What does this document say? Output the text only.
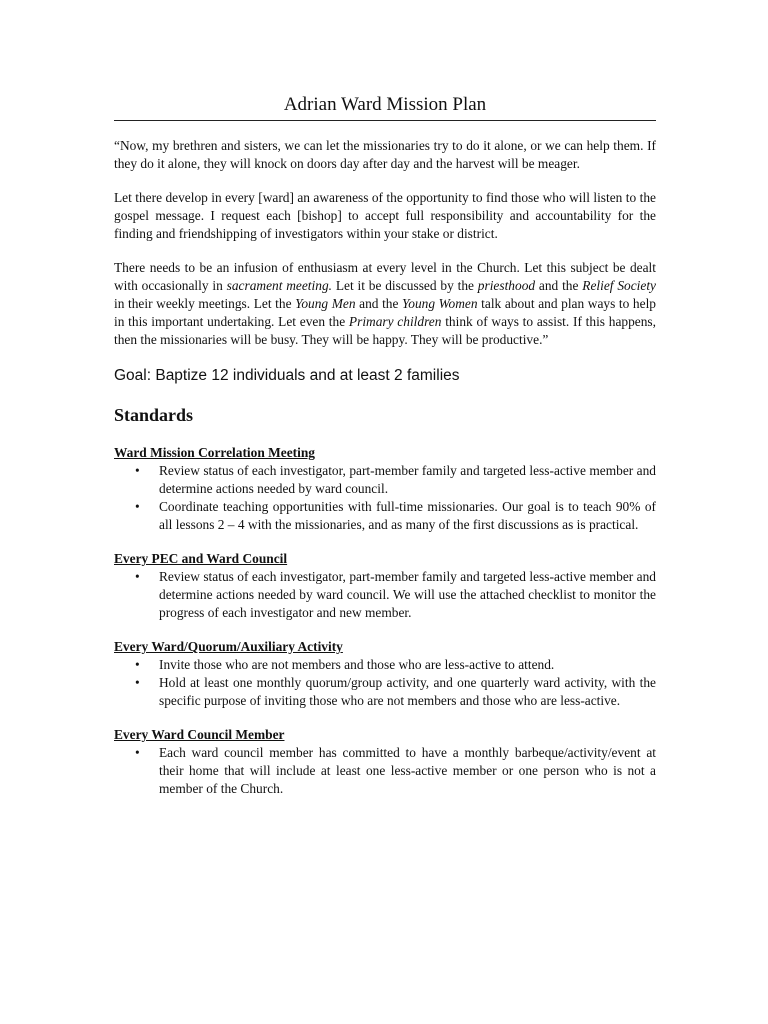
Adrian Ward Mission Plan

“Now, my brethren and sisters, we can let the missionaries try to do it alone, or we can help them. If they do it alone, they will knock on doors day after day and the harvest will be meager.

Let there develop in every [ward] an awareness of the opportunity to find those who will listen to the gospel message. I request each [bishop] to accept full responsibility and accountability for the finding and friendshipping of investigators within your stake or district.

There needs to be an infusion of enthusiasm at every level in the Church. Let this subject be dealt with occasionally in sacrament meeting. Let it be discussed by the priesthood and the Relief Society in their weekly meetings. Let the Young Men and the Young Women talk about and plan ways to help in this important undertaking. Let even the Primary children think of ways to assist. If this happens, then the missionaries will be busy. They will be happy. They will be productive.”

Goal: Baptize 12 individuals and at least 2 families
Standards
Ward Mission Correlation Meeting
• Review status of each investigator, part-member family and targeted less-active member and determine actions needed by ward council.
• Coordinate teaching opportunities with full-time missionaries. Our goal is to teach 90% of all lessons 2 – 4 with the missionaries, and as many of the first discussions as is practical.
Every PEC and Ward Council
• Review status of each investigator, part-member family and targeted less-active member and determine actions needed by ward council. We will use the attached checklist to monitor the progress of each investigator and new member.
Every Ward/Quorum/Auxiliary Activity
• Invite those who are not members and those who are less-active to attend.
• Hold at least one monthly quorum/group activity, and one quarterly ward activity, with the specific purpose of inviting those who are not members and those who are less-active.
Every Ward Council Member
• Each ward council member has committed to have a monthly barbeque/activity/event at their home that will include at least one less-active member or one person who is not a member of the Church.
